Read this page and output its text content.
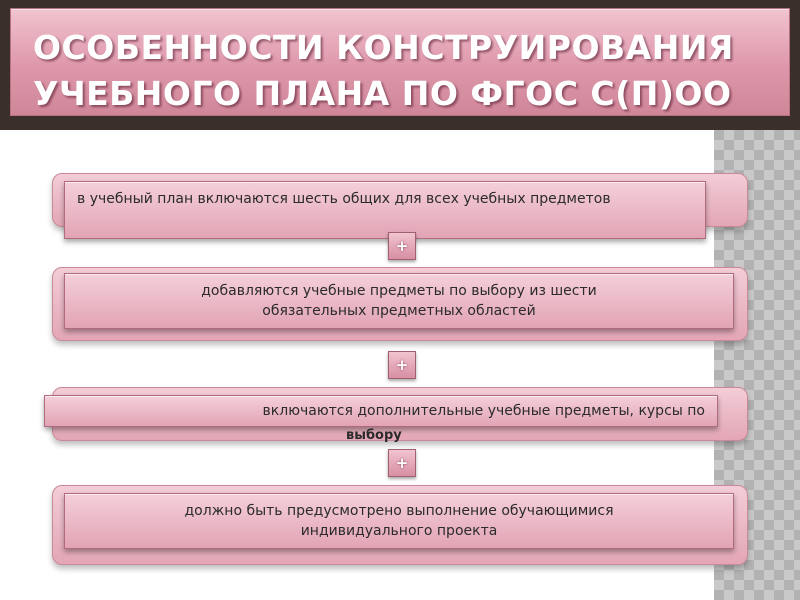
ОСОБЕННОСТИ КОНСТРУИРОВАНИЯ
УЧЕБНОГО ПЛАНА ПО ФГОС С(П)ОО
в учебный план включаются шесть общих для всех учебных предметов
+
добавляются учебные предметы по выбору из шести обязательных предметных областей
+
включаются дополнительные учебные предметы, курсы по
выбору
+
должно быть предусмотрено выполнение обучающимися индивидуального проекта
